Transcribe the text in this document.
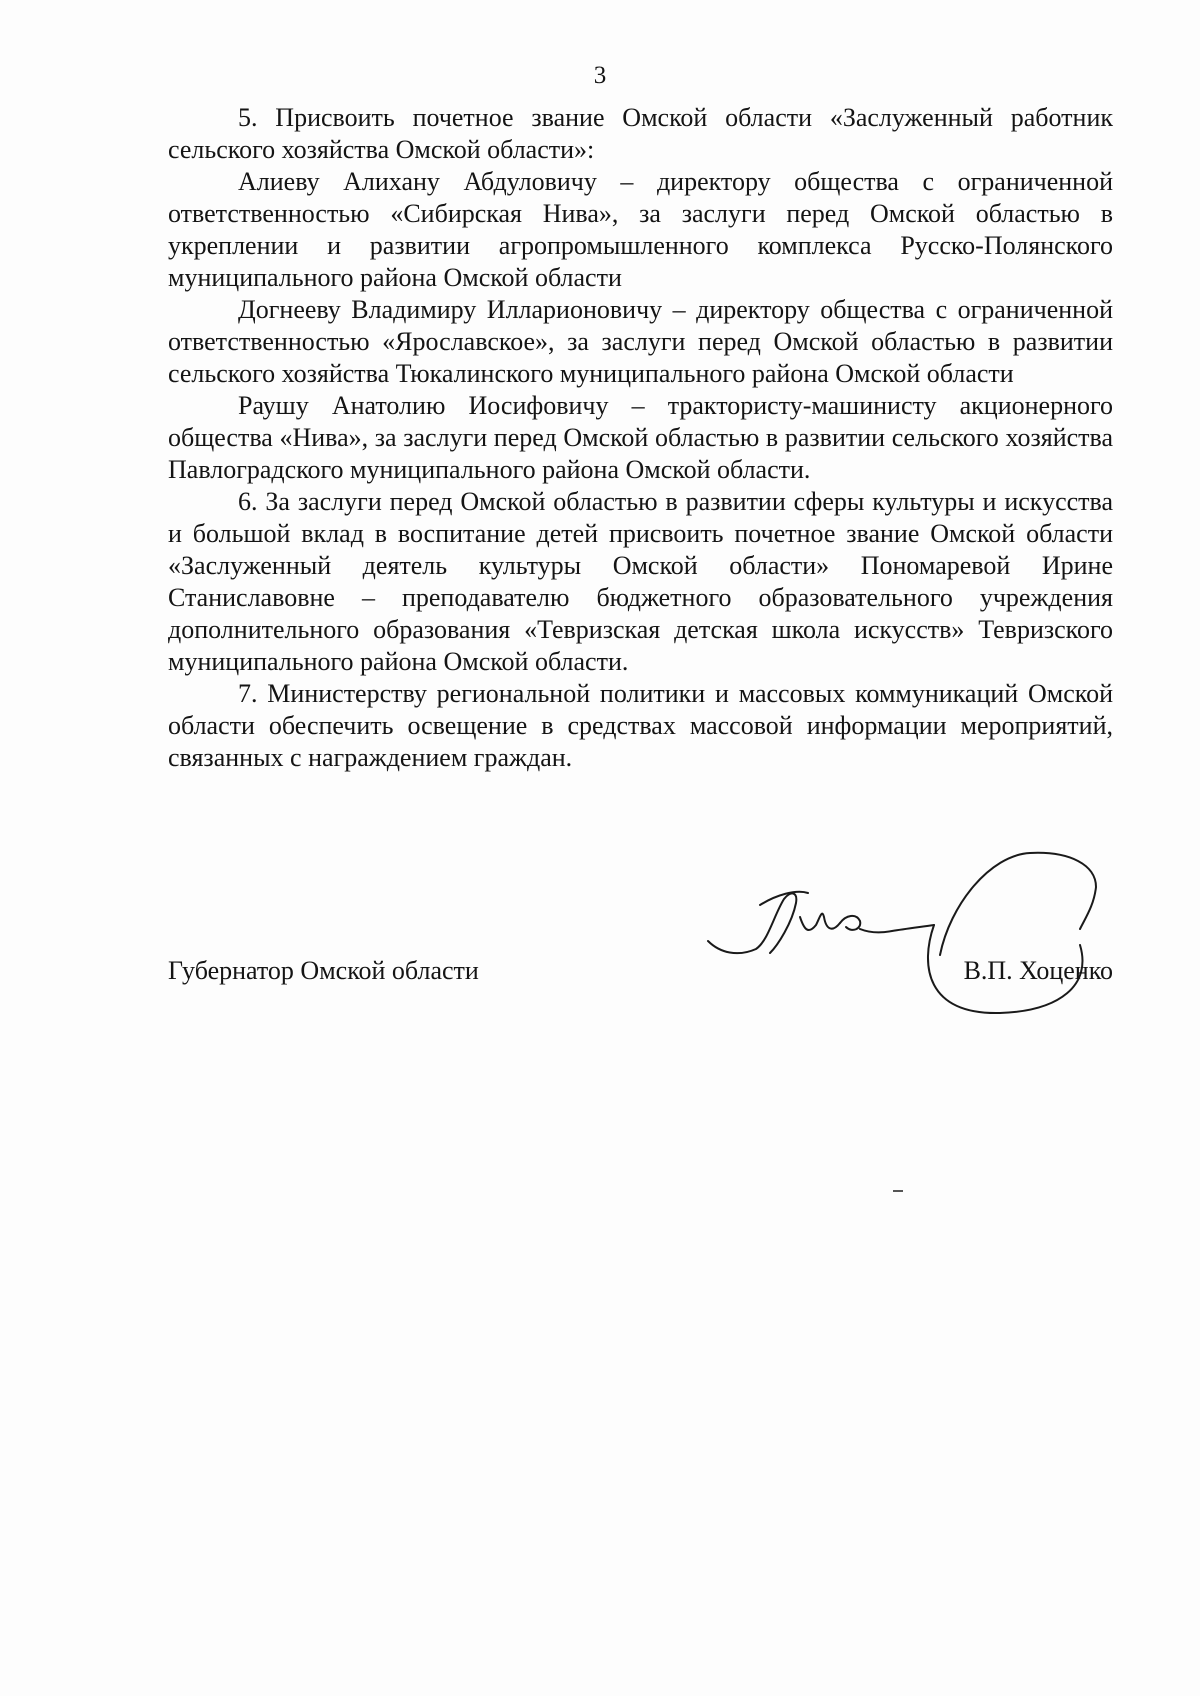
3

5. Присвоить почетное звание Омской области «Заслуженный работник сельского хозяйства Омской области»:

Алиеву Алихану Абдуловичу – директору общества с ограниченной ответственностью «Сибирская Нива», за заслуги перед Омской областью в укреплении и развитии агропромышленного комплекса Русско-Полянского муниципального района Омской области

Догнееву Владимиру Илларионовичу – директору общества с ограниченной ответственностью «Ярославское», за заслуги перед Омской областью в развитии сельского хозяйства Тюкалинского муниципального района Омской области

Раушу Анатолию Иосифовичу – трактористу-машинисту акционерного общества «Нива», за заслуги перед Омской областью в развитии сельского хозяйства Павлоградского муниципального района Омской области.

6. За заслуги перед Омской областью в развитии сферы культуры и искусства и большой вклад в воспитание детей присвоить почетное звание Омской области «Заслуженный деятель культуры Омской области» Пономаревой Ирине Станиславовне – преподавателю бюджетного образовательного учреждения дополнительного образования «Тевризская детская школа искусств» Тевризского муниципального района Омской области.

7. Министерству региональной политики и массовых коммуникаций Омской области обеспечить освещение в средствах массовой информации мероприятий, связанных с награждением граждан.

Губернатор Омской области	В.П. Хоценко
